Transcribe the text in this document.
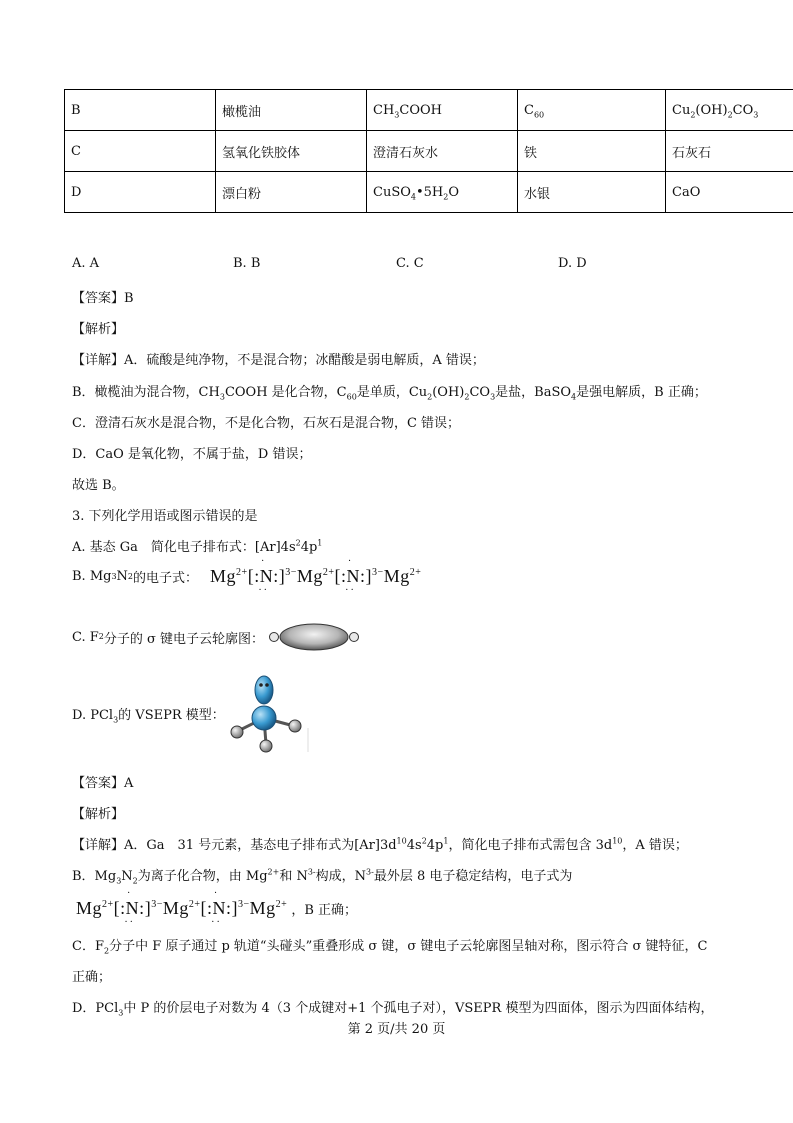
B	橄榄油	$CH_3COOH$	$C_{60}$	$Cu_2(OH)_2CO_3$
C	氢氧化铁胶体	澄清石灰水	铁	石灰石
D	漂白粉	$CuSO_4•5H_2O$	水银	CaO
A. A	B. B	C. C	D. D
【答案】B
【解析】
【详解】A．硫酸是纯净物，不是混合物；冰醋酸是弱电解质，A 错误；
B．橄榄油为混合物，$CH_3COOH$ 是化合物，$C_{60}$是单质，$Cu_2(OH)_2CO_3$是盐，BaSO$_4$是强电解质，B 正确；
C．澄清石灰水是混合物，不是化合物，石灰石是混合物，C 错误；
D．CaO 是氧化物，不属于盐，D 错误；
故选 B。
3. 下列化学用语或图示错误的是
A. 基态 Ga　简化电子排布式：$[Ar]4s^24p^1$
B. Mg 3 N 2 的电子式： $Mg^{2+}[:N$
·
··
$:]^{3-}Mg^{2+}[:N$
·
··
$:]^{3-}Mg^{2+}$
C. F 2 分子的 σ 键电子云轮廓图：
D. PCl$_3$的 VSEPR 模型：
【答案】A
【解析】
【详解】A．Ga　31 号元素，基态电子排布式为$[Ar]3d^{10}4s^24p^1$，简化电子排布式需包含 $3d^{10}$，A 错误；
B．$Mg_3N_2$为离子化合物，由 $Mg^{2+}$和 $N^{3-}$构成，$N^{3-}$最外层 8 电子稳定结构，电子式为
$Mg^{2+}[:N$
·
··
$:]^{3-}Mg^{2+}[:N$
·
··
$:]^{3-}Mg^{2+}$ ，B 正确；
C．$F_2$分子中 F 原子通过 p 轨道“头碰头”重叠形成 σ 键，σ 键电子云轮廓图呈轴对称，图示符合 σ 键特征，C
正确；
D．PCl$_3$中 P 的价层电子对数为 4（3 个成键对+1 个孤电子对），VSEPR 模型为四面体，图示为四面体结构，
第 2 页/共 20 页
